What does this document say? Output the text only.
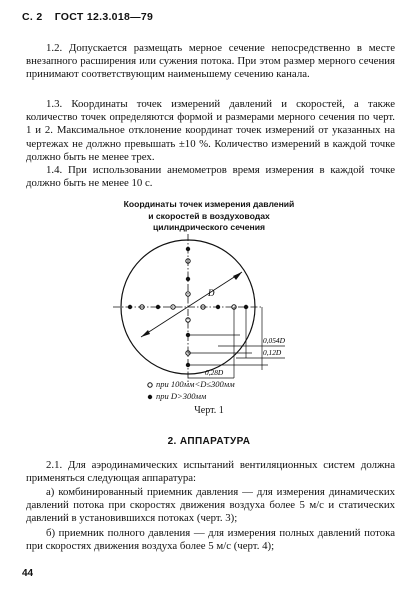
С. 2 ГОСТ 12.3.018—79

1.2. Допускается размещать мерное сечение непосредственно в месте внезапного расширения или сужения потока. При этом размер мерного сечения принимают соответствующим наименьшему сечению канала.

1.3. Координаты точек измерений давлений и скоростей, а также количество точек определяются формой и размерами мерного сечения по черт. 1 и 2. Максимальное отклонение координат точек измерений от указанных на чертежах не должно превышать ±10 %. Количество измерений в каждой точке должно быть не менее трех.

1.4. При использовании анемометров время измерения в каждой точке должно быть не менее 10 с.

Координаты точек измерения давлений
и скоростей в воздуховодах
цилиндрического сечения
D
0,054D
0,12D
0,28D
при 100мм<D≤300мм
при D>300мм
Черт. 1
2. АППАРАТУРА

2.1. Для аэродинамических испытаний вентиляционных систем должна применяться следующая аппаратура:

а) комбинированный приемник давления — для измерения динамических давлений потока при скоростях движения воздуха более 5 м/с и статических давлений в установившихся потоках (черт. 3);

б) приемник полного давления — для измерения полных давлений потока при скоростях движения воздуха более 5 м/с (черт. 4);

44
